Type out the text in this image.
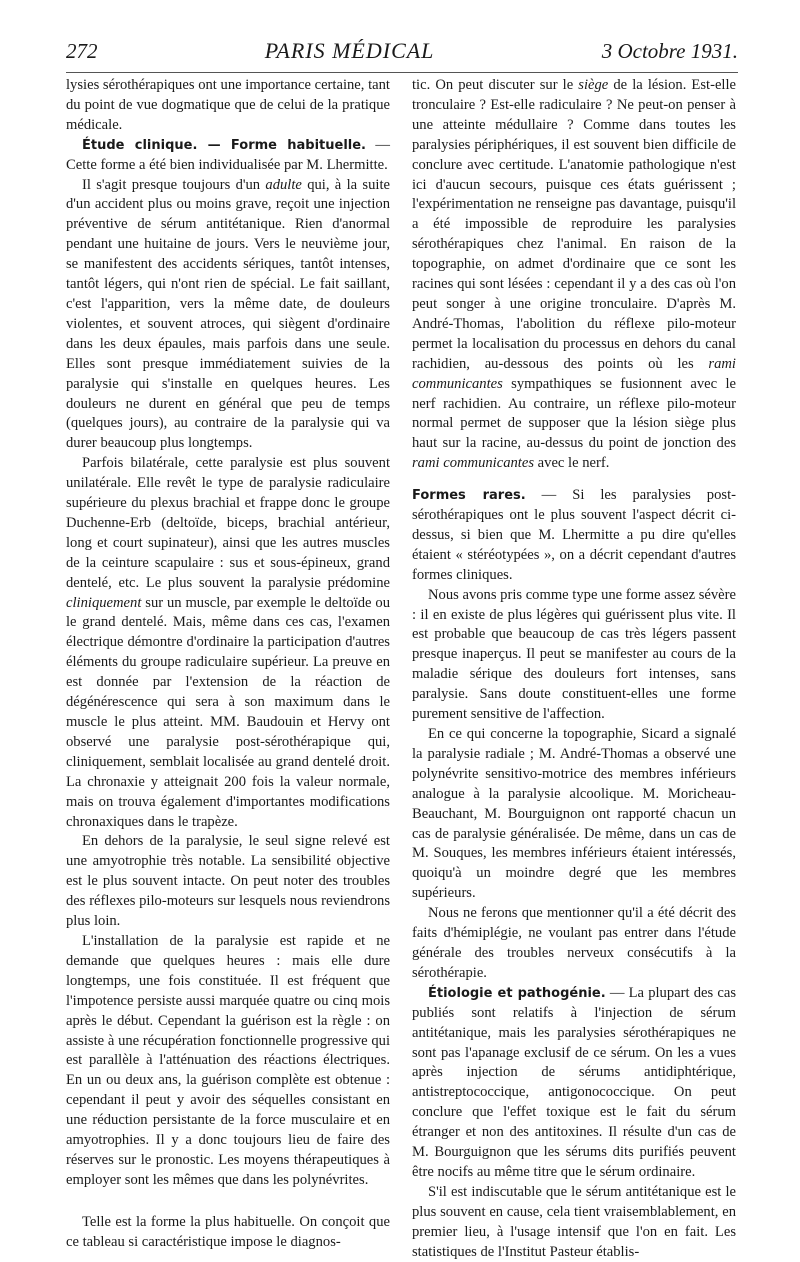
272	PARIS MÉDICAL	3 Octobre 1931.

lysies sérothérapiques ont une importance certaine, tant du point de vue dogmatique que de celui de la pratique médicale.

Étude clinique. — Forme habituelle. — Cette forme a été bien individualisée par M. Lhermitte.

Il s'agit presque toujours d'un adulte qui, à la suite d'un accident plus ou moins grave, reçoit une injection préventive de sérum antitétanique. Rien d'anormal pendant une huitaine de jours. Vers le neuvième jour, se manifestent des accidents sériques, tantôt intenses, tantôt légers, qui n'ont rien de spécial. Le fait saillant, c'est l'apparition, vers la même date, de douleurs violentes, et souvent atroces, qui siègent d'ordinaire dans les deux épaules, mais parfois dans une seule. Elles sont presque immédiatement suivies de la paralysie qui s'installe en quelques heures. Les douleurs ne durent en général que peu de temps (quelques jours), au contraire de la paralysie qui va durer beaucoup plus longtemps.

Parfois bilatérale, cette paralysie est plus souvent unilatérale. Elle revêt le type de paralysie radiculaire supérieure du plexus brachial et frappe donc le groupe Duchenne-Erb (deltoïde, biceps, brachial antérieur, long et court supinateur), ainsi que les autres muscles de la ceinture scapulaire : sus et sous-épineux, grand dentelé, etc. Le plus souvent la paralysie prédomine cliniquement sur un muscle, par exemple le deltoïde ou le grand dentelé. Mais, même dans ces cas, l'examen électrique démontre d'ordinaire la participation d'autres éléments du groupe radiculaire supérieur. La preuve en est donnée par l'extension de la réaction de dégénérescence qui sera à son maximum dans le muscle le plus atteint. MM. Baudouin et Hervy ont observé une paralysie post-sérothérapique qui, cliniquement, semblait localisée au grand dentelé droit. La chronaxie y atteignait 200 fois la valeur normale, mais on trouva également d'importantes modifications chronaxiques dans le trapèze.

En dehors de la paralysie, le seul signe relevé est une amyotrophie très notable. La sensibilité objective est le plus souvent intacte. On peut noter des troubles des réflexes pilo-moteurs sur lesquels nous reviendrons plus loin.

L'installation de la paralysie est rapide et ne demande que quelques heures : mais elle dure longtemps, une fois constituée. Il est fréquent que l'impotence persiste aussi marquée quatre ou cinq mois après le début. Cependant la guérison est la règle : on assiste à une récupération fonctionnelle progressive qui est parallèle à l'atténuation des réactions électriques. En un ou deux ans, la guérison complète est obtenue : cependant il peut y avoir des séquelles consistant en une réduction persistante de la force musculaire et en amyotrophies. Il y a donc toujours lieu de faire des réserves sur le pronostic. Les moyens thérapeutiques à employer sont les mêmes que dans les polynévrites.

Telle est la forme la plus habituelle. On conçoit que ce tableau si caractéristique impose le diagnos-

tic. On peut discuter sur le siège de la lésion. Est-elle tronculaire ? Est-elle radiculaire ? Ne peut-on penser à une atteinte médullaire ? Comme dans toutes les paralysies périphériques, il est souvent bien difficile de conclure avec certitude. L'anatomie pathologique n'est ici d'aucun secours, puisque ces états guérissent ; l'expérimentation ne renseigne pas davantage, puisqu'il a été impossible de reproduire les paralysies sérothérapiques chez l'animal. En raison de la topographie, on admet d'ordinaire que ce sont les racines qui sont lésées : cependant il y a des cas où l'on peut songer à une origine tronculaire. D'après M. André-Thomas, l'abolition du réflexe pilo-moteur permet la localisation du processus en dehors du canal rachidien, au-dessous des points où les rami communicantes sympathiques se fusionnent avec le nerf rachidien. Au contraire, un réflexe pilo-moteur normal permet de supposer que la lésion siège plus haut sur la racine, au-dessus du point de jonction des rami communicantes avec le nerf.

Formes rares. — Si les paralysies post-sérothérapiques ont le plus souvent l'aspect décrit ci-dessus, si bien que M. Lhermitte a pu dire qu'elles étaient « stéréotypées », on a décrit cependant d'autres formes cliniques.

Nous avons pris comme type une forme assez sévère : il en existe de plus légères qui guérissent plus vite. Il est probable que beaucoup de cas très légers passent presque inaperçus. Il peut se manifester au cours de la maladie sérique des douleurs fort intenses, sans paralysie. Sans doute constituent-elles une forme purement sensitive de l'affection.

En ce qui concerne la topographie, Sicard a signalé la paralysie radiale ; M. André-Thomas a observé une polynévrite sensitivo-motrice des membres inférieurs analogue à la paralysie alcoolique. M. Moricheau-Beauchant, M. Bourguignon ont rapporté chacun un cas de paralysie généralisée. De même, dans un cas de M. Souques, les membres inférieurs étaient intéressés, quoiqu'à un moindre degré que les membres supérieurs.

Nous ne ferons que mentionner qu'il a été décrit des faits d'hémiplégie, ne voulant pas entrer dans l'étude générale des troubles nerveux consécutifs à la sérothérapie.

Étiologie et pathogénie. — La plupart des cas publiés sont relatifs à l'injection de sérum antitétanique, mais les paralysies sérothérapiques ne sont pas l'apanage exclusif de ce sérum. On les a vues après injection de sérums antidiphtérique, antistreptococcique, antigonococcique. On peut conclure que l'effet toxique est le fait du sérum étranger et non des antitoxines. Il résulte d'un cas de M. Bourguignon que les sérums dits purifiés peuvent être nocifs au même titre que le sérum ordinaire.

S'il est indiscutable que le sérum antitétanique est le plus souvent en cause, cela tient vraisemblablement, en premier lieu, à l'usage intensif que l'on en fait. Les statistiques de l'Institut Pasteur établis-
